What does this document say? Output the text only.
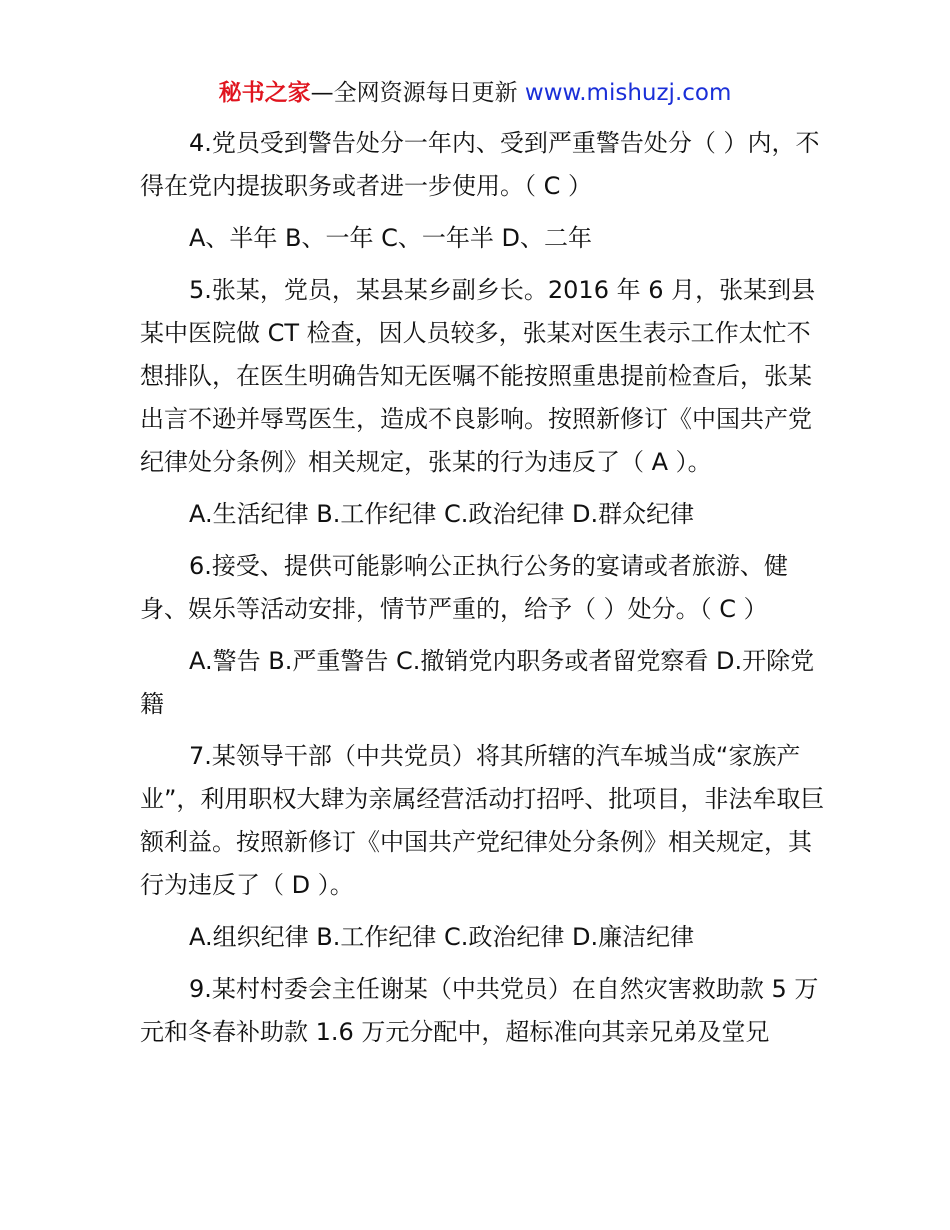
秘书之家—全网资源每日更新 www.mishuzj.com

4.党员受到警告处分一年内、受到严重警告处分（ ）内，不得在党内提拔职务或者进一步使用。（ C ）

A、半年 B、一年 C、一年半 D、二年

5.张某，党员，某县某乡副乡长。2016 年 6 月，张某到县某中医院做 CT 检查，因人员较多，张某对医生表示工作太忙不想排队，在医生明确告知无医嘱不能按照重患提前检查后，张某出言不逊并辱骂医生，造成不良影响。按照新修订《中国共产党纪律处分条例》相关规定，张某的行为违反了（ A ）。

A.生活纪律 B.工作纪律 C.政治纪律 D.群众纪律

6.接受、提供可能影响公正执行公务的宴请或者旅游、健身、娱乐等活动安排，情节严重的，给予（ ）处分。（ C ）

A.警告 B.严重警告 C.撤销党内职务或者留党察看 D.开除党籍

7.某领导干部（中共党员）将其所辖的汽车城当成“家族产业”，利用职权大肆为亲属经营活动打招呼、批项目，非法牟取巨额利益。按照新修订《中国共产党纪律处分条例》相关规定，其行为违反了（ D ）。

A.组织纪律 B.工作纪律 C.政治纪律 D.廉洁纪律

9.某村村委会主任谢某（中共党员）在自然灾害救助款 5 万元和冬春补助款 1.6 万元分配中，超标准向其亲兄弟及堂兄
